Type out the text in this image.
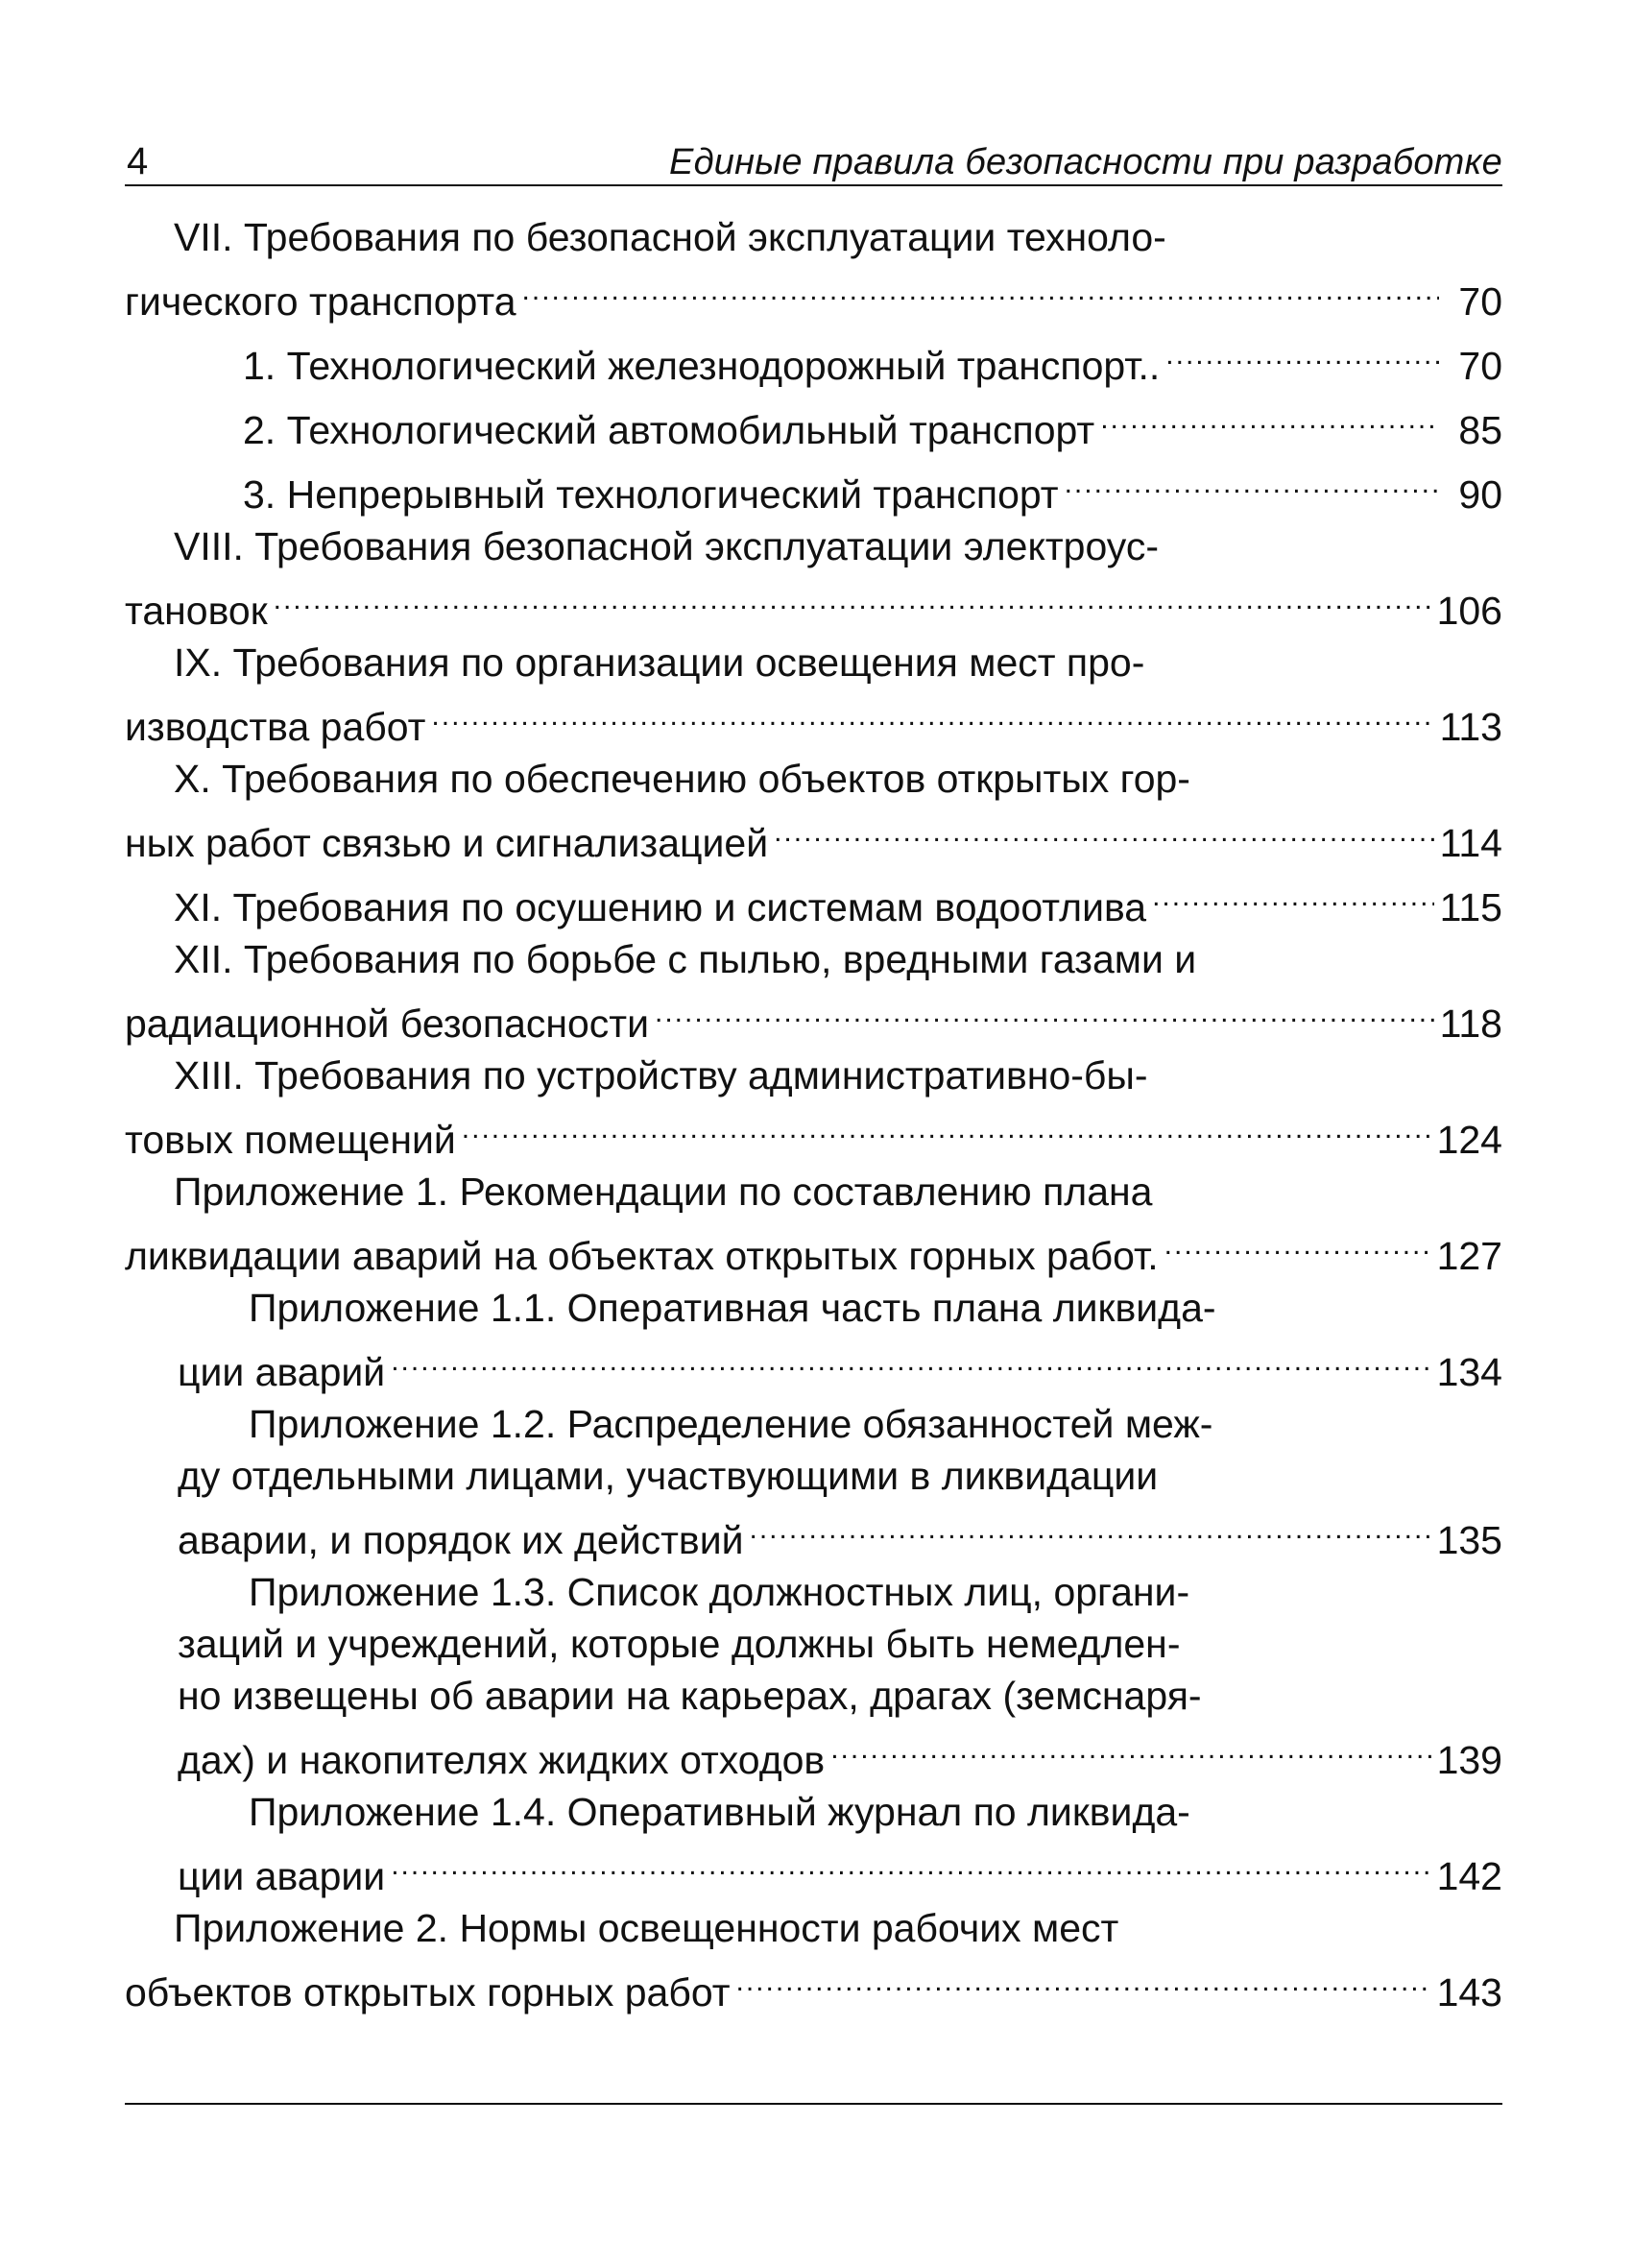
4	Единые правила безопасности при разработке
VII. Требования по безопасной эксплуатации техноло-
гического транспорта .....	70
1. Технологический железнодорожный транспорт.. .....	70
2. Технологический автомобильный транспорт .....	85
3. Непрерывный технологический транспорт .....	90
VIII. Требования безопасной эксплуатации электроус-
тановок .....	106
IX. Требования по организации освещения мест про-
изводства работ .....	113
X. Требования по обеспечению объектов открытых гор-
ных работ связью и сигнализацией .....	114
XI. Требования по осушению и системам водоотлива .....	115
XII. Требования по борьбе с пылью, вредными газами и
радиационной безопасности .....	118
XIII. Требования по устройству административно-бы-
товых помещений .....	124
Приложение 1. Рекомендации по составлению плана
ликвидации аварий на объектах открытых горных работ. .....	127
Приложение 1.1. Оперативная часть плана ликвида-
ции аварий .....	134
Приложение 1.2. Распределение обязанностей меж-
ду отдельными лицами, участвующими в ликвидации
аварии, и порядок их действий .....	135
Приложение 1.3. Список должностных лиц, органи-
заций и учреждений, которые должны быть немедлен-
но извещены об аварии на карьерах, драгах (земснаря-
дах) и накопителях жидких отходов .....	139
Приложение 1.4. Оперативный журнал по ликвида-
ции аварии .....	142
Приложение 2. Нормы освещенности рабочих мест
объектов открытых горных работ .....	143
